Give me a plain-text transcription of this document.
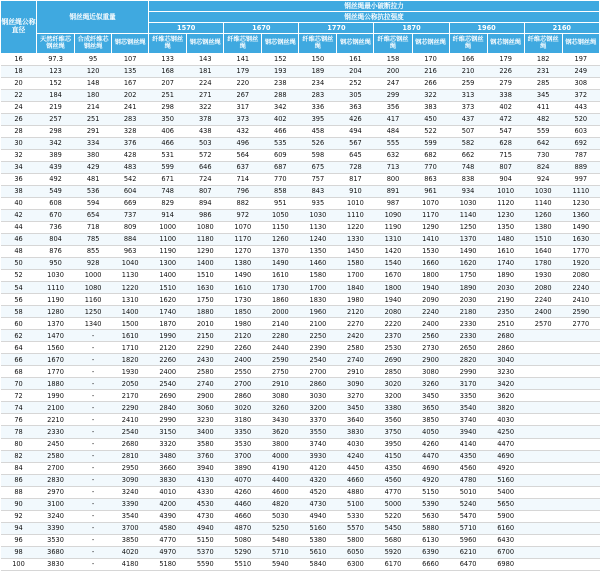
钢丝绳公称直径	钢丝绳近似重量			钢丝绳最小破断拉力											
				钢丝绳公称抗拉强度											
				1570		1670		1770		1870		1960		2160	
	天然纤维芯钢丝绳	合成纤维芯钢丝绳	钢芯钢丝绳	纤维芯钢丝绳	钢芯钢丝绳	纤维芯钢丝绳	钢芯钢丝绳	纤维芯钢丝绳	钢芯钢丝绳	纤维芯钢丝绳	钢芯钢丝绳	纤维芯钢丝绳	钢芯钢丝绳	纤维芯钢丝绳	钢芯钢丝绳
16	97.3	95	107	133	143	141	152	150	161	158	170	166	179	182	197
18	123	120	135	168	181	179	193	189	204	200	216	210	226	231	249
20	152	148	167	207	224	220	238	234	252	247	266	259	279	285	308
22	184	180	202	251	271	267	288	283	305	299	322	313	338	345	372
24	219	214	241	298	322	317	342	336	363	356	383	373	402	411	443
26	257	251	283	350	378	373	402	395	426	417	450	437	472	482	520
28	298	291	328	406	438	432	466	458	494	484	522	507	547	559	603
30	342	334	376	466	503	496	535	526	567	555	599	582	628	642	692
32	389	380	428	531	572	564	609	598	645	632	682	662	715	730	787
34	439	429	483	599	646	637	687	675	728	713	770	748	807	824	889
36	492	481	542	671	724	714	770	757	817	800	863	838	904	924	997
38	549	536	604	748	807	796	858	843	910	891	961	934	1010	1030	1110
40	608	594	669	829	894	882	951	935	1010	987	1070	1030	1120	1140	1230
42	670	654	737	914	986	972	1050	1030	1110	1090	1170	1140	1230	1260	1360
44	736	718	809	1000	1080	1070	1150	1130	1220	1190	1290	1250	1350	1380	1490
46	804	785	884	1100	1180	1170	1260	1240	1330	1310	1410	1370	1480	1510	1630
48	876	855	963	1190	1290	1270	1370	1350	1450	1420	1530	1490	1610	1640	1770
50	950	928	1040	1300	1400	1380	1490	1460	1580	1540	1660	1620	1740	1780	1920
52	1030	1000	1130	1400	1510	1490	1610	1580	1700	1670	1800	1750	1890	1930	2080
54	1110	1080	1220	1510	1630	1610	1730	1700	1840	1800	1940	1890	2030	2080	2240
56	1190	1160	1310	1620	1750	1730	1860	1830	1980	1940	2090	2030	2190	2240	2410
58	1280	1250	1400	1740	1880	1850	2000	1960	2120	2080	2240	2180	2350	2400	2590
60	1370	1340	1500	1870	2010	1980	2140	2100	2270	2220	2400	2330	2510	2570	2770
62	1470	-	1610	1990	2150	2120	2280	2250	2420	2370	2560	2330	2680		
64	1560	-	1710	2120	2290	2260	2440	2390	2580	2530	2730	2650	2860		
66	1670	-	1820	2260	2430	2400	2590	2540	2740	2690	2900	2820	3040		
68	1770	-	1930	2400	2580	2550	2750	2700	2910	2850	3080	2990	3230		
70	1880	-	2050	2540	2740	2700	2910	2860	3090	3020	3260	3170	3420		
72	1990	-	2170	2690	2900	2860	3080	3030	3270	3200	3450	3350	3620		
74	2100	-	2290	2840	3060	3020	3260	3200	3450	3380	3650	3540	3820		
76	2210	-	2410	2990	3230	3180	3430	3370	3640	3560	3850	3740	4030		
78	2330	-	2540	3150	3400	3350	3620	3550	3830	3750	4050	3940	4250		
80	2450	-	2680	3320	3580	3530	3800	3740	4030	3950	4260	4140	4470		
82	2580	-	2810	3480	3760	3700	4000	3930	4240	4150	4470	4350	4690		
84	2700	-	2950	3660	3940	3890	4190	4120	4450	4350	4690	4560	4920		
86	2830	-	3090	3830	4130	4070	4400	4320	4660	4560	4920	4780	5160		
88	2970	-	3240	4010	4330	4260	4600	4520	4880	4770	5150	5010	5400		
90	3100	-	3390	4200	4530	4460	4820	4730	5100	5000	5390	5240	5650		
92	3240	-	3540	4390	4730	4660	5030	4940	5330	5220	5630	5470	5900		
94	3390	-	3700	4580	4940	4870	5250	5160	5570	5450	5880	5710	6160		
96	3530	-	3850	4770	5150	5080	5480	5380	5800	5680	6130	5960	6430		
98	3680	-	4020	4970	5370	5290	5710	5610	6050	5920	6390	6210	6700		
100	3830	-	4180	5180	5590	5510	5940	5840	6300	6170	6660	6470	6980		
